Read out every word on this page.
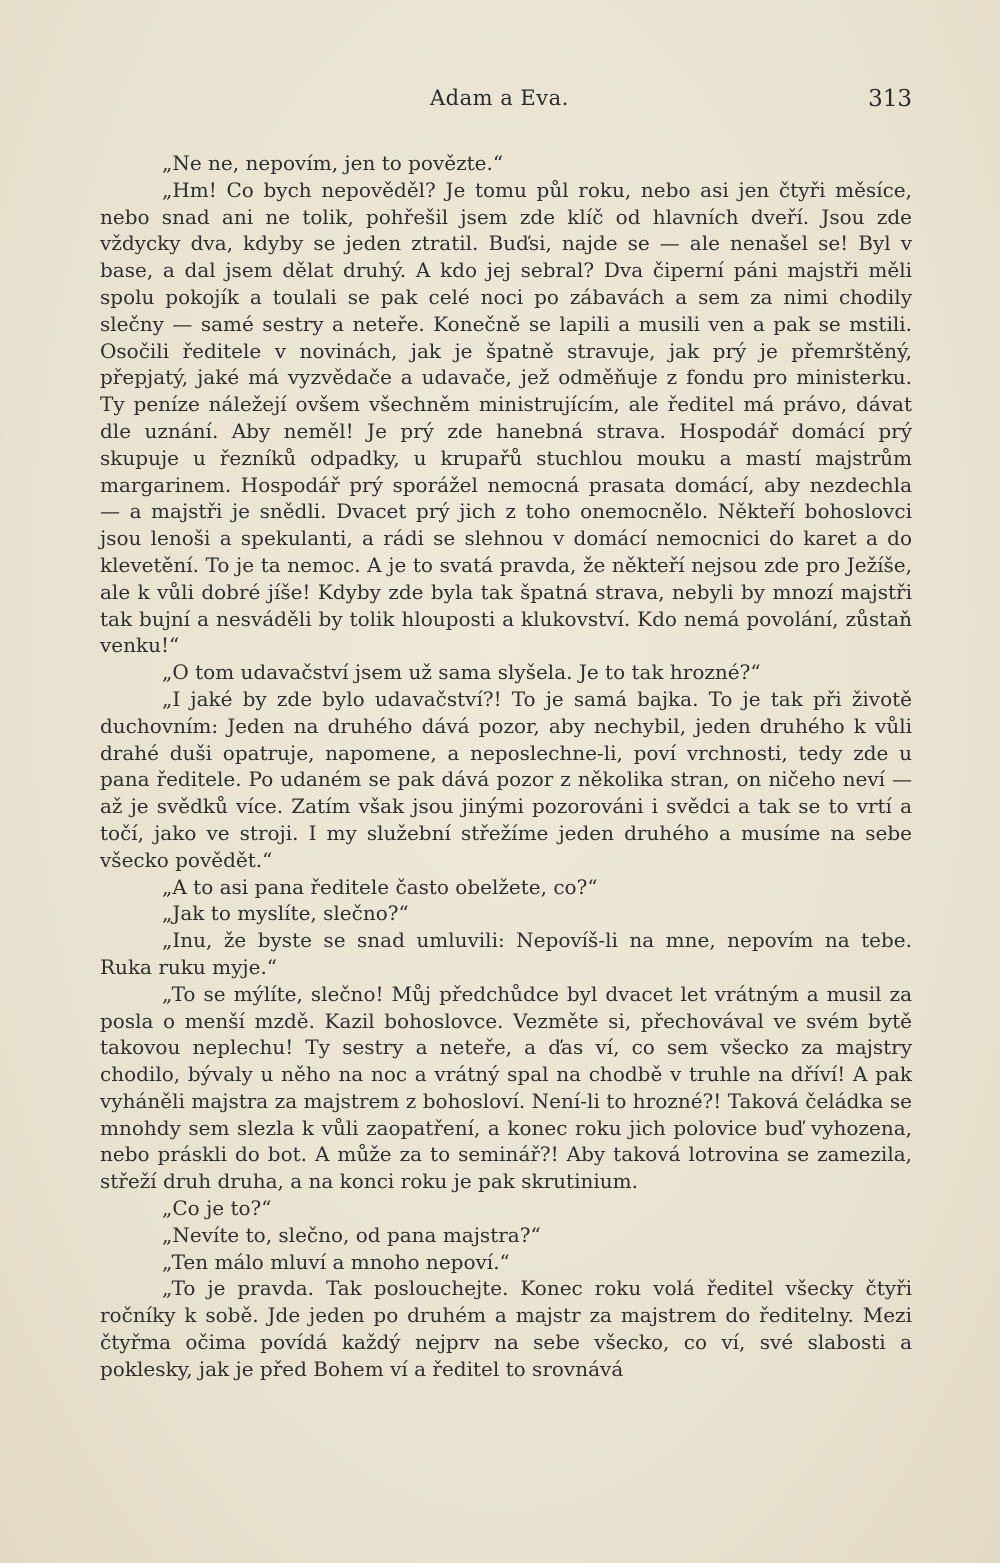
Adam a Eva.	313

„Ne ne, nepovím, jen to povězte.“

„Hm! Co bych nepověděl? Je tomu půl roku, nebo asi jen čtyři měsíce, nebo snad ani ne tolik, pohřešil jsem zde klíč od hlavních dveří. Jsou zde vždycky dva, kdyby se jeden ztratil. Buďsi, najde se — ale nenašel se! Byl v base, a dal jsem dělat druhý. A kdo jej sebral? Dva čiperní páni majstři měli spolu pokojík a toulali se pak celé noci po zábavách a sem za nimi chodily slečny — samé sestry a neteře. Konečně se lapili a musili ven a pak se mstili. Osočili ředitele v novinách, jak je špatně stravuje, jak prý je přemrštěný, přepjatý, jaké má vyzvědače a udavače, jež odměňuje z fondu pro ministerku. Ty peníze náležejí ovšem všechněm ministrujícím, ale ředitel má právo, dávat dle uznání. Aby neměl! Je prý zde hanebná strava. Hospodář domácí prý skupuje u řezníků odpadky, u krupařů stuchlou mouku a mastí majstrům margarinem. Hospodář prý sporážel nemocná prasata domácí, aby nezdechla — a majstři je snědli. Dvacet prý jich z toho onemocnělo. Někteří bohoslovci jsou lenoši a spekulanti, a rádi se slehnou v domácí nemocnici do karet a do klevetění. To je ta nemoc. A je to svatá pravda, že někteří nejsou zde pro Ježíše, ale k vůli dobré jíše! Kdyby zde byla tak špatná strava, nebyli by mnozí majstři tak bujní a nesváděli by tolik hlouposti a klukovství. Kdo nemá povolání, zůstaň venku!“

„O tom udavačství jsem už sama slyšela. Je to tak hrozné?“

„I jaké by zde bylo udavačství?! To je samá bajka. To je tak při životě duchovním: Jeden na druhého dává pozor, aby nechybil, jeden druhého k vůli drahé duši opatruje, napomene, a neposlechne-li, poví vrchnosti, tedy zde u pana ředitele. Po udaném se pak dává pozor z několika stran, on ničeho neví — až je svědků více. Zatím však jsou jinými pozorováni i svědci a tak se to vrtí a točí, jako ve stroji. I my služební střežíme jeden druhého a musíme na sebe všecko povědět.“

„A to asi pana ředitele často obelžete, co?“

„Jak to myslíte, slečno?“

„Inu, že byste se snad umluvili: Nepovíš-li na mne, nepovím na tebe. Ruka ruku myje.“

„To se mýlíte, slečno! Můj předchůdce byl dvacet let vrátným a musil za posla o menší mzdě. Kazil bohoslovce. Vezměte si, přechovával ve svém bytě takovou neplechu! Ty sestry a neteře, a ďas ví, co sem všecko za majstry chodilo, bývaly u něho na noc a vrátný spal na chodbě v truhle na dříví! A pak vyháněli majstra za majstrem z bohosloví. Není-li to hrozné?! Taková čeládka se mnohdy sem slezla k vůli zaopatření, a konec roku jich polovice buď vyhozena, nebo práskli do bot. A může za to seminář?! Aby taková lotrovina se zamezila, střeží druh druha, a na konci roku je pak skrutinium.

„Co je to?“

„Nevíte to, slečno, od pana majstra?“

„Ten málo mluví a mnoho nepoví.“

„To je pravda. Tak poslouchejte. Konec roku volá ředitel všecky čtyři ročníky k sobě. Jde jeden po druhém a majstr za majstrem do ředitelny. Mezi čtyřma očima povídá každý nejprv na sebe všecko, co ví, své slabosti a poklesky, jak je před Bohem ví a ředitel to srovnává
